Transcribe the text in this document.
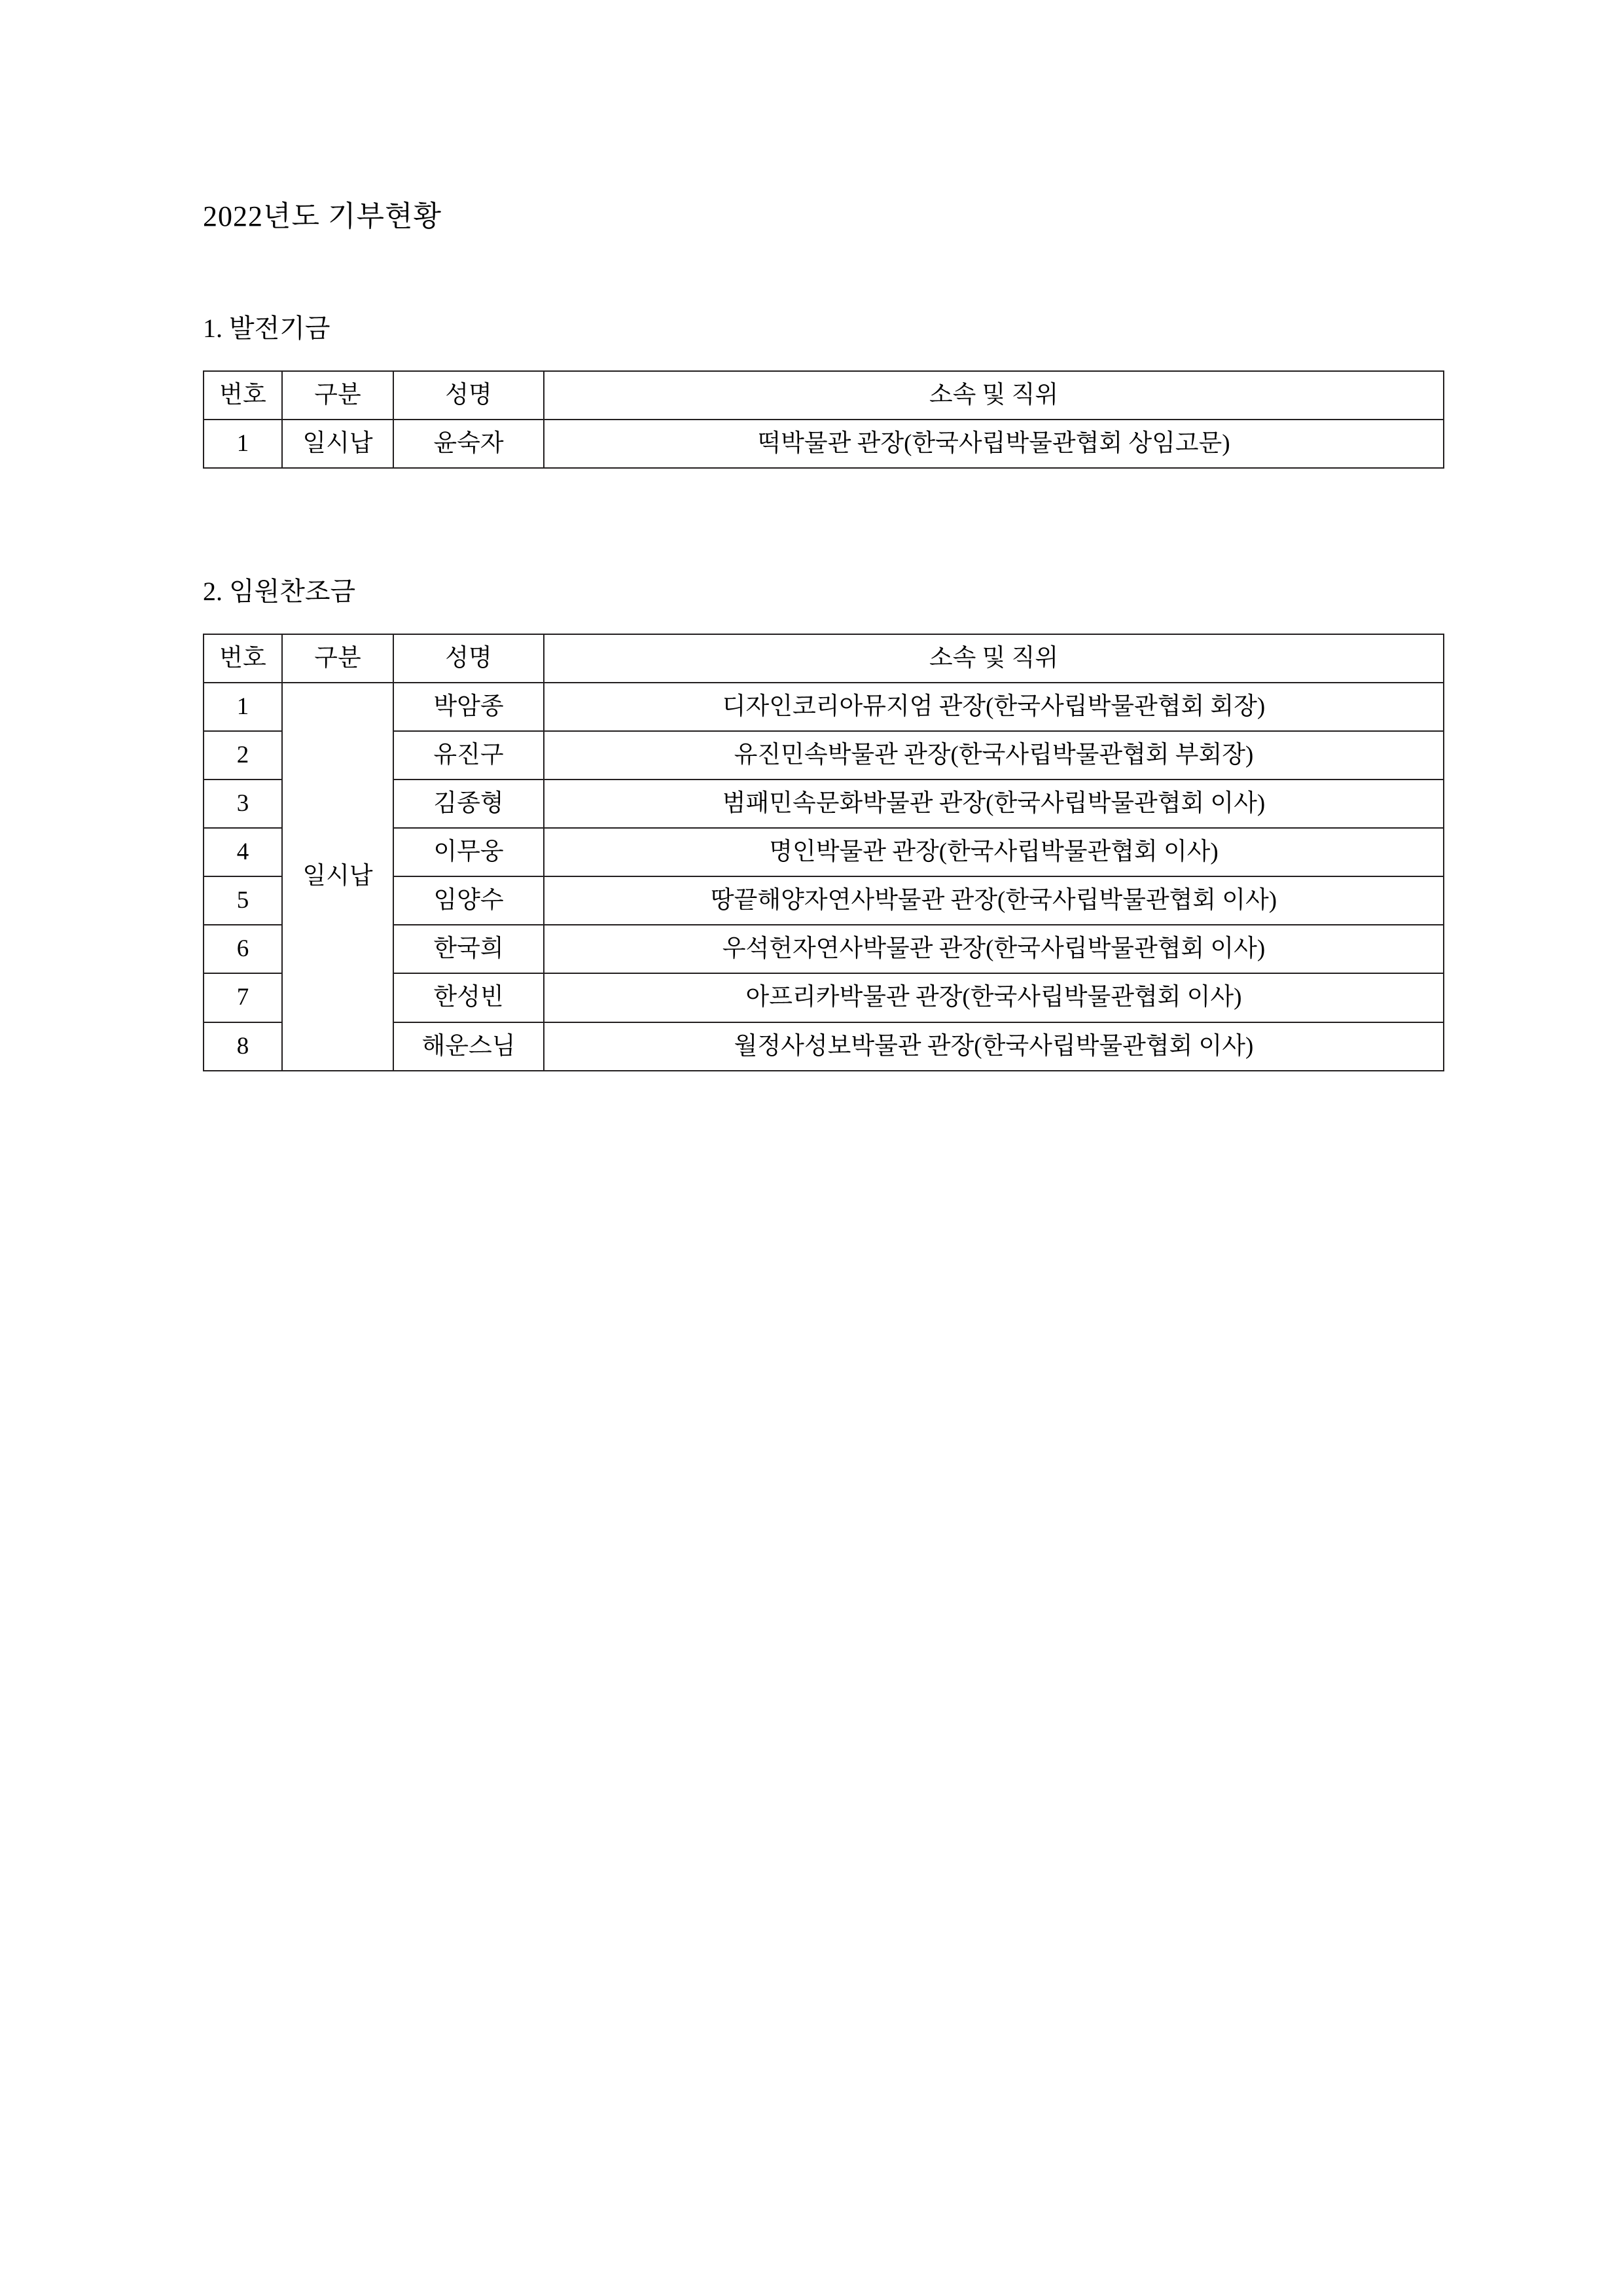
2022년도 기부현황
1. 발전기금
번호	구분	성명	소속 및 직위
1	일시납	윤숙자	떡박물관 관장(한국사립박물관협회 상임고문)
2. 임원찬조금
번호	구분	성명	소속 및 직위
1	일시납	박암종	디자인코리아뮤지엄 관장(한국사립박물관협회 회장)
2		유진구	유진민속박물관 관장(한국사립박물관협회 부회장)
3		김종형	범패민속문화박물관 관장(한국사립박물관협회 이사)
4		이무웅	명인박물관 관장(한국사립박물관협회 이사)
5		임양수	땅끝해양자연사박물관 관장(한국사립박물관협회 이사)
6		한국희	우석헌자연사박물관 관장(한국사립박물관협회 이사)
7		한성빈	아프리카박물관 관장(한국사립박물관협회 이사)
8		해운스님	월정사성보박물관 관장(한국사립박물관협회 이사)
